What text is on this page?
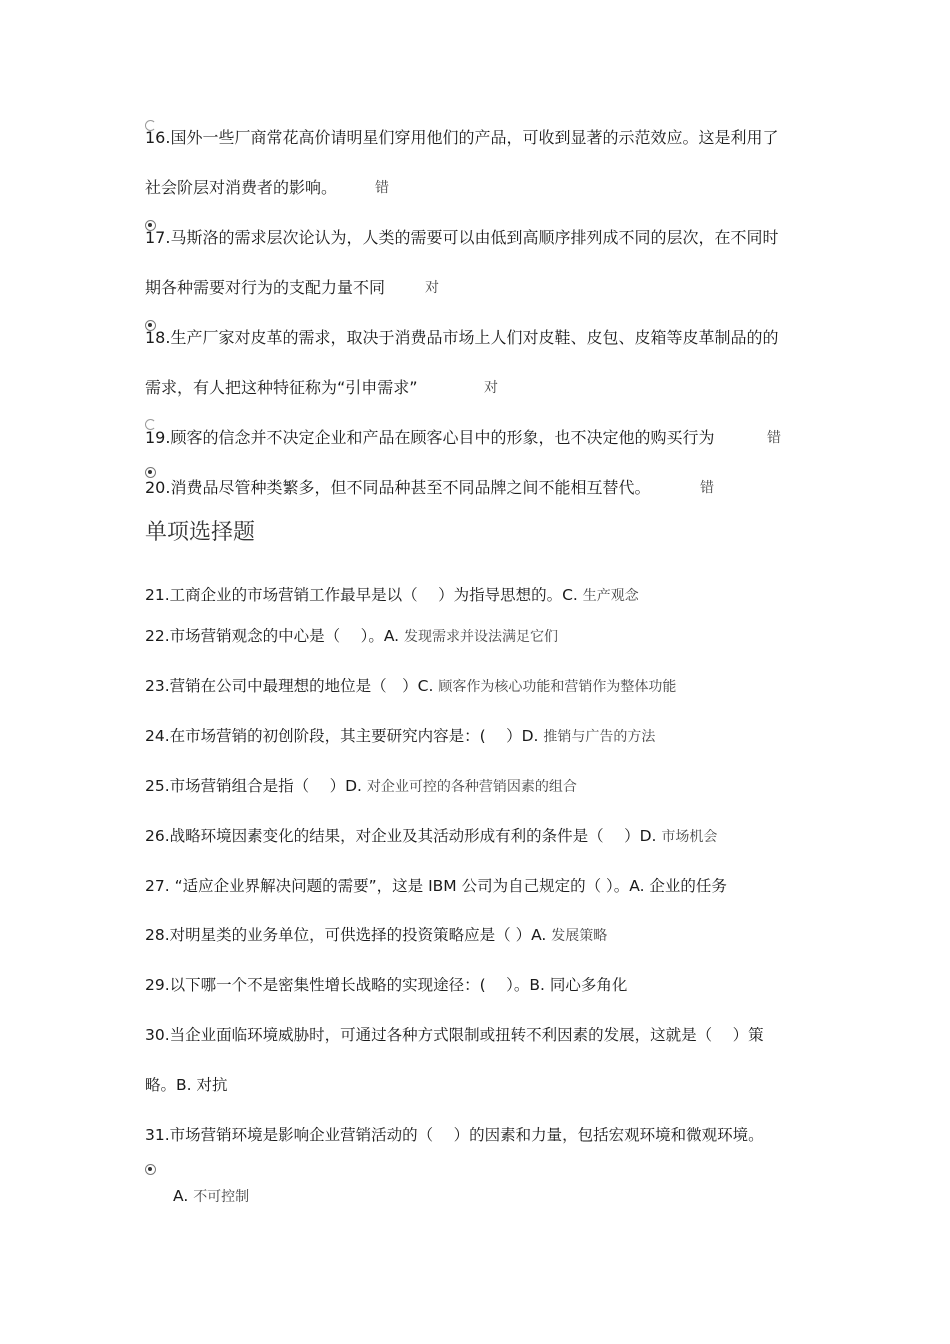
16.国外一些厂商常花高价请明星们穿用他们的产品，可收到显著的示范效应。这是利用了
社会阶层对消费者的影响。	错
17.马斯洛的需求层次论认为，人类的需要可以由低到高顺序排列成不同的层次，在不同时
期各种需要对行为的支配力量不同	对
18.生产厂家对皮革的需求，取决于消费品市场上人们对皮鞋、皮包、皮箱等皮革制品的的
需求，有人把这种特征称为“引申需求”	对
19.顾客的信念并不决定企业和产品在顾客心目中的形象，也不决定他的购买行为	错
20.消费品尽管种类繁多，但不同品种甚至不同品牌之间不能相互替代。	错
单项选择题
21.工商企业的市场营销工作最早是以（　 ）为指导思想的。C. 生产观念
22.市场营销观念的中心是（　 ）。A. 发现需求并设法满足它们
23.营销在公司中最理想的地位是（　）C. 顾客作为核心功能和营销作为整体功能
24.在市场营销的初创阶段，其主要研究内容是：(　 ）D. 推销与广告的方法
25.市场营销组合是指（　 ）D. 对企业可控的各种营销因素的组合
26.战略环境因素变化的结果，对企业及其活动形成有利的条件是（　 ）D. 市场机会
27. “适应企业界解决问题的需要”，这是 IBM 公司为自己规定的（ ）。A. 企业的任务
28.对明星类的业务单位，可供选择的投资策略应是（ ）A. 发展策略
29.以下哪一个不是密集性增长战略的实现途径：(　 ）。B. 同心多角化
30.当企业面临环境威胁时，可通过各种方式限制或扭转不利因素的发展，这就是（　 ）策
略。B. 对抗
31.市场营销环境是影响企业营销活动的（　 ）的因素和力量，包括宏观环境和微观环境。
A. 不可控制
